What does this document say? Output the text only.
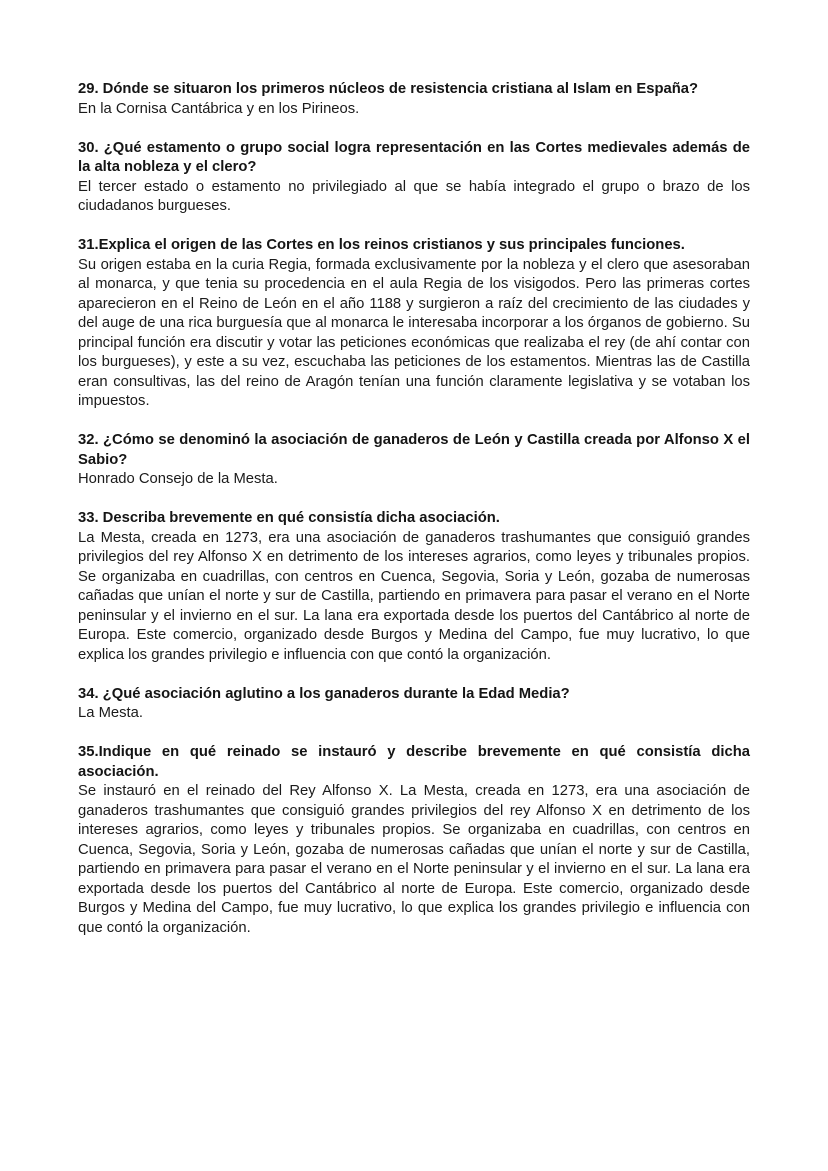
29. Dónde se situaron los primeros núcleos de resistencia cristiana al Islam en España?

En la Cornisa Cantábrica y en los Pirineos.

30. ¿Qué estamento o grupo social logra representación en las Cortes medievales además de la alta nobleza y el clero?

El tercer estado o estamento no privilegiado al que se había integrado el grupo o brazo de los ciudadanos burgueses.

31.Explica el origen de las Cortes en los reinos cristianos y sus principales funciones.

Su origen estaba en la curia Regia, formada exclusivamente por la nobleza y el clero que asesoraban al monarca, y que tenia su procedencia en el aula Regia de los visigodos. Pero las primeras cortes aparecieron en el Reino de León en el año 1188 y surgieron a raíz del crecimiento de las ciudades y del auge de una rica burguesía que al monarca le interesaba incorporar a los órganos de gobierno. Su principal función era discutir y votar las peticiones económicas que realizaba el rey (de ahí contar con los burgueses), y este a su vez, escuchaba las peticiones de los estamentos. Mientras las de Castilla eran consultivas, las del reino de Aragón tenían una función claramente legislativa y se votaban los impuestos.

32. ¿Cómo se denominó la asociación de ganaderos de León y Castilla creada por Alfonso X el Sabio?

Honrado Consejo de la Mesta.

33. Describa brevemente en qué consistía dicha asociación.

La Mesta, creada en 1273, era una asociación de ganaderos trashumantes que consiguió grandes privilegios del rey Alfonso X en detrimento de los intereses agrarios, como leyes y tribunales propios. Se organizaba en cuadrillas, con centros en Cuenca, Segovia, Soria y León, gozaba de numerosas cañadas que unían el norte y sur de Castilla, partiendo en primavera para pasar el verano en el Norte peninsular y el invierno en el sur. La lana era exportada desde los puertos del Cantábrico al norte de Europa. Este comercio, organizado desde Burgos y Medina del Campo, fue muy lucrativo, lo que explica los grandes privilegio e influencia con que contó la organización.

34. ¿Qué asociación aglutino a los ganaderos durante la Edad Media?

La Mesta.

35.Indique en qué reinado se instauró y describe brevemente en qué consistía dicha asociación.

Se instauró en el reinado del Rey Alfonso X. La Mesta, creada en 1273, era una asociación de ganaderos trashumantes que consiguió grandes privilegios del rey Alfonso X en detrimento de los intereses agrarios, como leyes y tribunales propios. Se organizaba en cuadrillas, con centros en Cuenca, Segovia, Soria y León, gozaba de numerosas cañadas que unían el norte y sur de Castilla, partiendo en primavera para pasar el verano en el Norte peninsular y el invierno en el sur. La lana era exportada desde los puertos del Cantábrico al norte de Europa. Este comercio, organizado desde Burgos y Medina del Campo, fue muy lucrativo, lo que explica los grandes privilegio e influencia con que contó la organización.
